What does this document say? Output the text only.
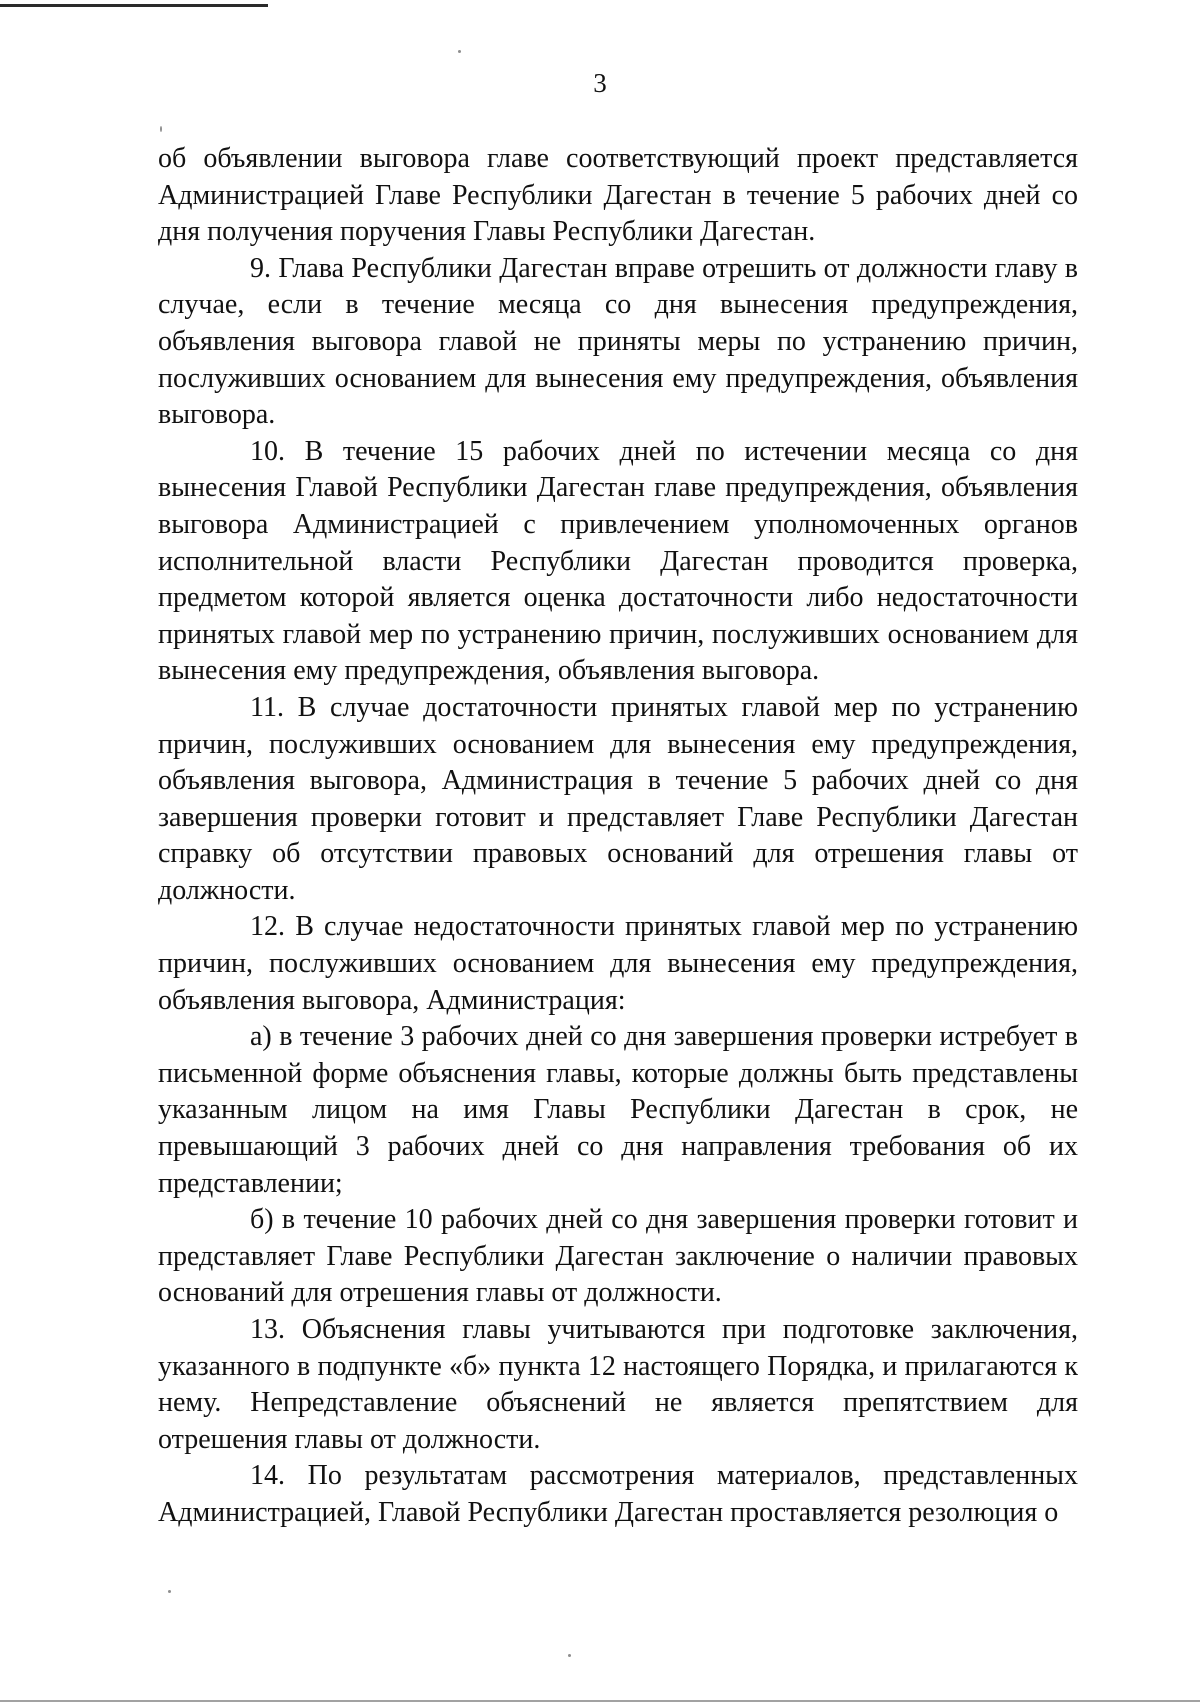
3

об объявлении выговора главе соответствующий проект представляется Администрацией Главе Республики Дагестан в течение 5 рабочих дней со дня получения поручения Главы Республики Дагестан.

9. Глава Республики Дагестан вправе отрешить от должности главу в случае, если в течение месяца со дня вынесения предупреждения, объявления выговора главой не приняты меры по устранению причин, послуживших основанием для вынесения ему предупреждения, объявления выговора.

10. В течение 15 рабочих дней по истечении месяца со дня вынесения Главой Республики Дагестан главе предупреждения, объявления выговора Администрацией с привлечением уполномоченных органов исполнительной власти Республики Дагестан проводится проверка, предметом которой является оценка достаточности либо недостаточности принятых главой мер по устранению причин, послуживших основанием для вынесения ему предупреждения, объявления выговора.

11. В случае достаточности принятых главой мер по устранению причин, послуживших основанием для вынесения ему предупреждения, объявления выговора, Администрация в течение 5 рабочих дней со дня завершения проверки готовит и представляет Главе Республики Дагестан справку об отсутствии правовых оснований для отрешения главы от должности.

12. В случае недостаточности принятых главой мер по устранению причин, послуживших основанием для вынесения ему предупреждения, объявления выговора, Администрация:

а) в течение 3 рабочих дней со дня завершения проверки истребует в письменной форме объяснения главы, которые должны быть представлены указанным лицом на имя Главы Республики Дагестан в срок, не превышающий 3 рабочих дней со дня направления требования об их представлении;

б) в течение 10 рабочих дней со дня завершения проверки готовит и представляет Главе Республики Дагестан заключение о наличии правовых оснований для отрешения главы от должности.

13. Объяснения главы учитываются при подготовке заключения, указанного в подпункте «б» пункта 12 настоящего Порядка, и прилагаются к нему. Непредставление объяснений не является препятствием для отрешения главы от должности.

14. По результатам рассмотрения материалов, представленных Администрацией, Главой Республики Дагестан проставляется резолюция о
